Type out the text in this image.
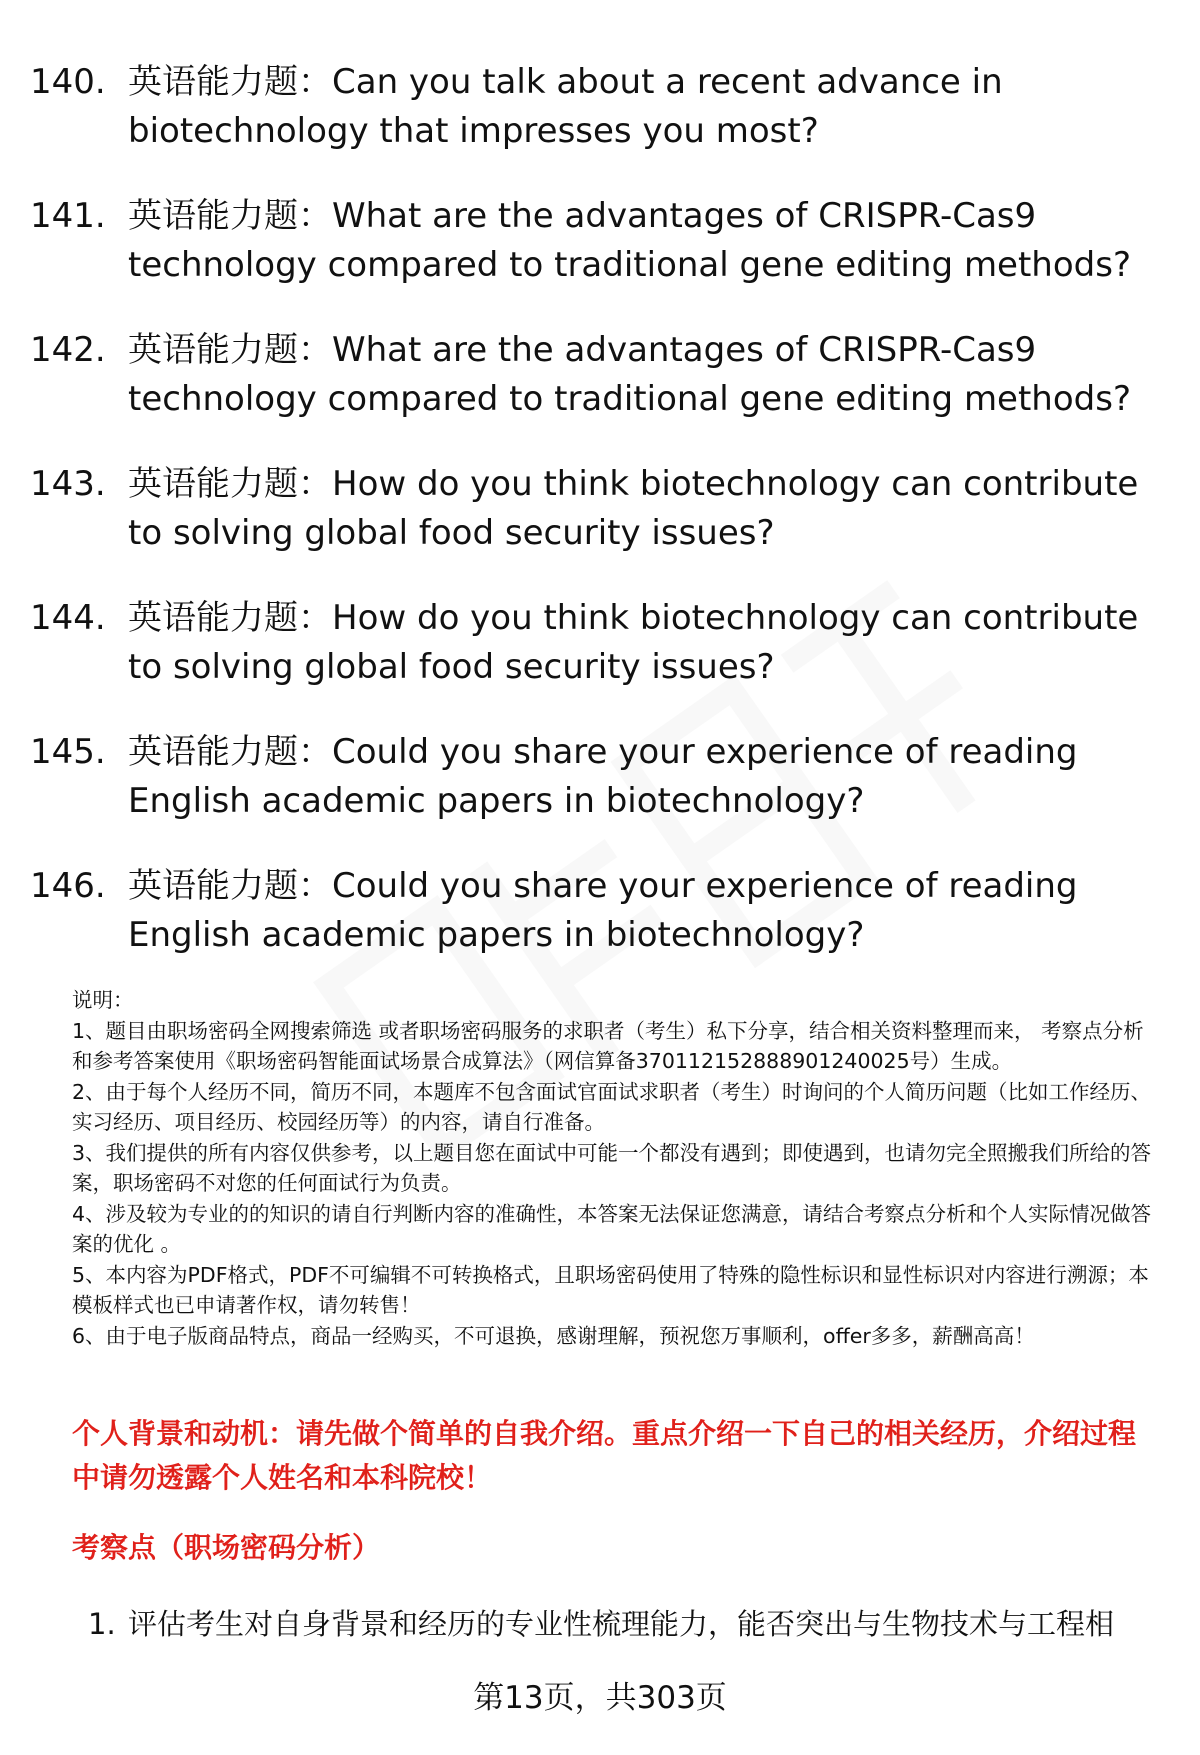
140. 英语能力题：Can you talk about a recent advance in biotechnology that impresses you most?
141. 英语能力题：What are the advantages of CRISPR-Cas9 technology compared to traditional gene editing methods?
142. 英语能力题：What are the advantages of CRISPR-Cas9 technology compared to traditional gene editing methods?
143. 英语能力题：How do you think biotechnology can contribute to solving global food security issues?
144. 英语能力题：How do you think biotechnology can contribute to solving global food security issues?
145. 英语能力题：Could you share your experience of reading English academic papers in biotechnology?
146. 英语能力题：Could you share your experience of reading English academic papers in biotechnology?

说明：

1、题目由职场密码全网搜索筛选 或者职场密码服务的求职者（考生）私下分享，结合相关资料整理而来， 考察点分析和参考答案使用《职场密码智能面试场景合成算法》（网信算备370112152888901240025号）生成。

2、由于每个人经历不同，简历不同，本题库不包含面试官面试求职者（考生）时询问的个人简历问题（比如工作经历、实习经历、项目经历、校园经历等）的内容，请自行准备。

3、我们提供的所有内容仅供参考，以上题目您在面试中可能一个都没有遇到；即使遇到，也请勿完全照搬我们所给的答案，职场密码不对您的任何面试行为负责。

4、涉及较为专业的的知识的请自行判断内容的准确性，本答案无法保证您满意，请结合考察点分析和个人实际情况做答案的优化 。

5、本内容为PDF格式，PDF不可编辑不可转换格式，且职场密码使用了特殊的隐性标识和显性标识对内容进行溯源；本模板样式也已申请著作权，请勿转售！

6、由于电子版商品特点，商品一经购买，不可退换，感谢理解，预祝您万事顺利，offer多多，薪酬高高！

个人背景和动机：请先做个简单的自我介绍。重点介绍一下自己的相关经历，介绍过程中请勿透露个人姓名和本科院校！
考察点（职场密码分析）
1. 评估考生对自身背景和经历的专业性梳理能力，能否突出与生物技术与工程相
第13页，共303页
